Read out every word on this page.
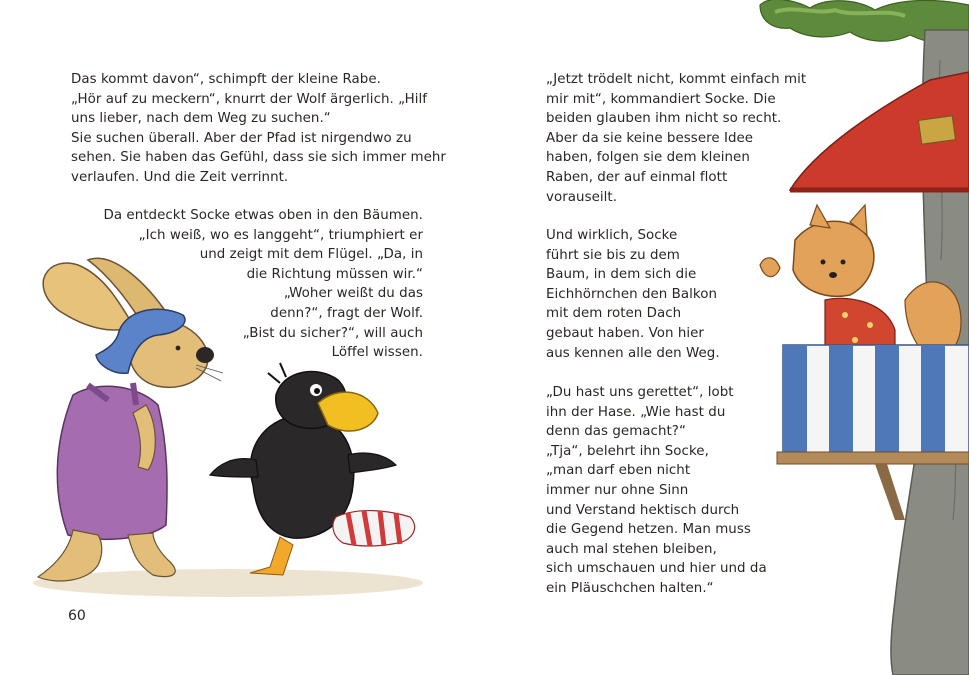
Das kommt davon“, schimpft der kleine Rabe.
„Hör auf zu meckern“, knurrt der Wolf ärgerlich. „Hilf
uns lieber, nach dem Weg zu suchen.“
Sie suchen überall. Aber der Pfad ist nirgendwo zu
sehen. Sie haben das Gefühl, dass sie sich immer mehr
verlaufen. Und die Zeit verrinnt.
Da entdeckt Socke etwas oben in den Bäumen.
„Ich weiß, wo es langgeht“, triumphiert er
und zeigt mit dem Flügel. „Da, in
die Richtung müssen wir.“
„Woher weißt du das
denn?“, fragt der Wolf.
„Bist du sicher?“, will auch
Löffel wissen.
60
„Jetzt trödelt nicht, kommt einfach mit
mir mit“, kommandiert Socke. Die
beiden glauben ihm nicht so recht.
Aber da sie keine bessere Idee
haben, folgen sie dem kleinen
Raben, der auf einmal flott
vorauseilt.
Und wirklich, Socke
führt sie bis zu dem
Baum, in dem sich die
Eichhörnchen den Balkon
mit dem roten Dach
gebaut haben. Von hier
aus kennen alle den Weg.
„Du hast uns gerettet“, lobt
ihn der Hase. „Wie hast du
denn das gemacht?“
„Tja“, belehrt ihn Socke,
„man darf eben nicht
immer nur ohne Sinn
und Verstand hektisch durch
die Gegend hetzen. Man muss
auch mal stehen bleiben,
sich umschauen und hier und da
ein Pläuschchen halten.“
